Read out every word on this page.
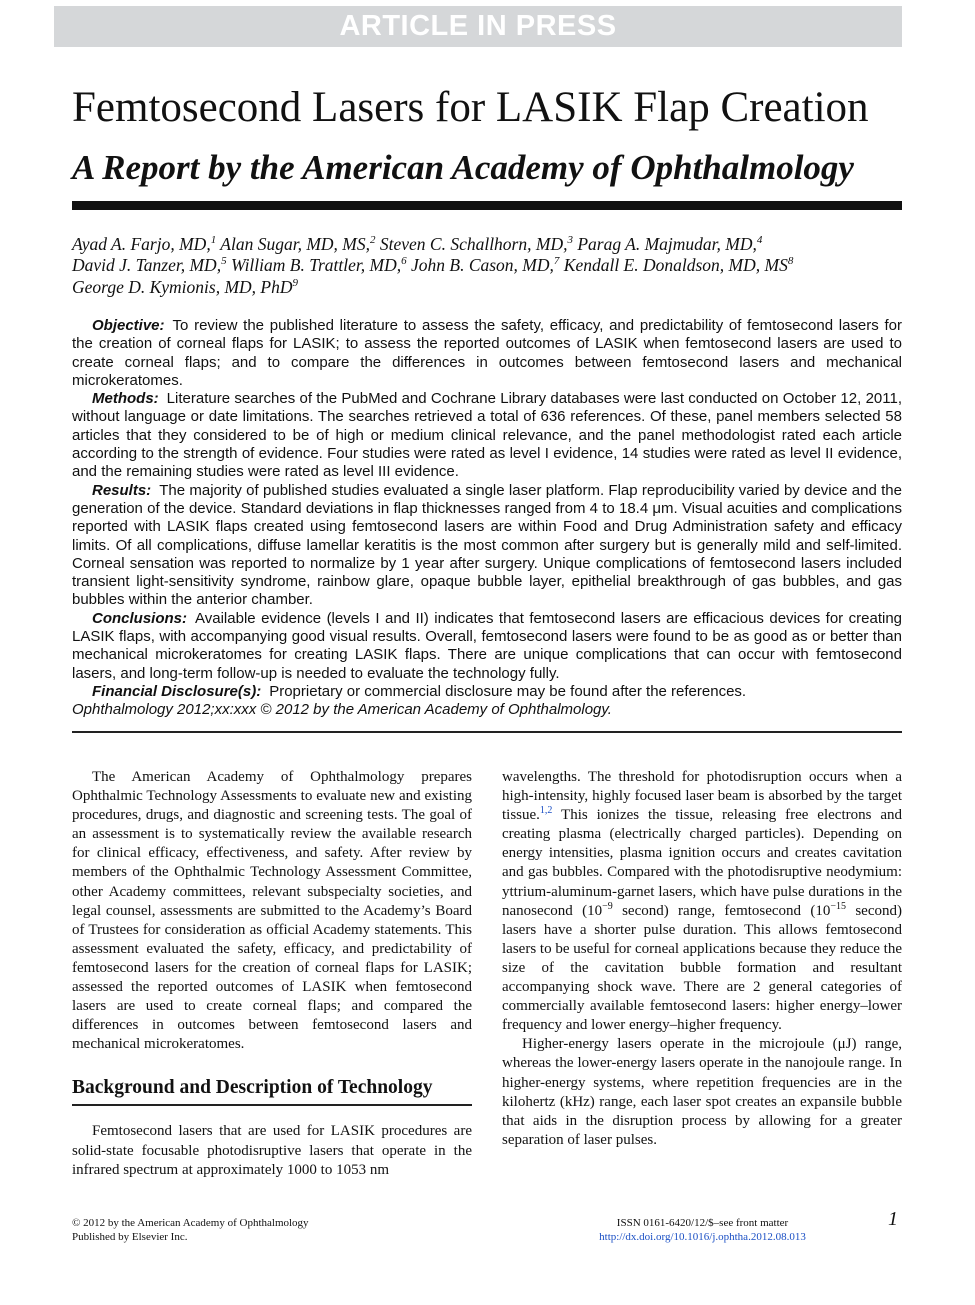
ARTICLE IN PRESS
Femtosecond Lasers for LASIK Flap Creation
A Report by the American Academy of Ophthalmology
Ayad A. Farjo, MD,$^1$ Alan Sugar, MD, MS,$^2$ Steven C. Schallhorn, MD,$^3$ Parag A. Majmudar, MD,$^4$
David J. Tanzer, MD,$^5$ William B. Trattler, MD,$^6$ John B. Cason, MD,$^7$ Kendall E. Donaldson, MD, $MS^8$
George D. Kymionis, MD, PhD$^9$

Objective: To review the published literature to assess the safety, efficacy, and predictability of femtosecond lasers for the creation of corneal flaps for LASIK; to assess the reported outcomes of LASIK when femtosecond lasers are used to create corneal flaps; and to compare the differences in outcomes between femtosecond lasers and mechanical microkeratomes.

Methods: Literature searches of the PubMed and Cochrane Library databases were last conducted on October 12, 2011, without language or date limitations. The searches retrieved a total of 636 references. Of these, panel members selected 58 articles that they considered to be of high or medium clinical relevance, and the panel methodologist rated each article according to the strength of evidence. Four studies were rated as level I evidence, 14 studies were rated as level II evidence, and the remaining studies were rated as level III evidence.

Results: The majority of published studies evaluated a single laser platform. Flap reproducibility varied by device and the generation of the device. Standard deviations in flap thicknesses ranged from 4 to 18.4 μm. Visual acuities and complications reported with LASIK flaps created using femtosecond lasers are within Food and Drug Administration safety and efficacy limits. Of all complications, diffuse lamellar keratitis is the most common after surgery but is generally mild and self-limited. Corneal sensation was reported to normalize by 1 year after surgery. Unique complications of femtosecond lasers included transient light-sensitivity syndrome, rainbow glare, opaque bubble layer, epithelial breakthrough of gas bubbles, and gas bubbles within the anterior chamber.

Conclusions: Available evidence (levels I and II) indicates that femtosecond lasers are efficacious devices for creating LASIK flaps, with accompanying good visual results. Overall, femtosecond lasers were found to be as good as or better than mechanical microkeratomes for creating LASIK flaps. There are unique complications that can occur with femtosecond lasers, and long-term follow-up is needed to evaluate the technology fully.

Financial Disclosure(s): Proprietary or commercial disclosure may be found after the references.
Ophthalmology 2012;xx:xxx © 2012 by the American Academy of Ophthalmology.

The American Academy of Ophthalmology prepares Ophthalmic Technology Assessments to evaluate new and existing procedures, drugs, and diagnostic and screening tests. The goal of an assessment is to systematically review the available research for clinical efficacy, effectiveness, and safety. After review by members of the Ophthalmic Technology Assessment Committee, other Academy committees, relevant subspecialty societies, and legal counsel, assessments are submitted to the Academy’s Board of Trustees for consideration as official Academy statements. This assessment evaluated the safety, efficacy, and predictability of femtosecond lasers for the creation of corneal flaps for LASIK; assessed the reported outcomes of LASIK when femtosecond lasers are used to create corneal flaps; and compared the differences in outcomes between femtosecond lasers and mechanical microkeratomes.

Background and Description of Technology

Femtosecond lasers that are used for LASIK procedures are solid-state focusable photodisruptive lasers that operate in the infrared spectrum at approximately 1000 to 1053 nm

wavelengths. The threshold for photodisruption occurs when a high-intensity, highly focused laser beam is absorbed by the target tissue.$^{1,2}$ This ionizes the tissue, releasing free electrons and creating plasma (electrically charged particles). Depending on energy intensities, plasma ignition occurs and creates cavitation and gas bubbles. Compared with the photodisruptive neodymium: yttrium-aluminum-garnet lasers, which have pulse durations in the nanosecond ($10^{-9}$ second) range, femtosecond ($10^{-15}$ second) lasers have a shorter pulse duration. This allows femtosecond lasers to be useful for corneal applications because they reduce the size of the cavitation bubble formation and resultant accompanying shock wave. There are 2 general categories of commercially available femtosecond lasers: higher energy–lower frequency and lower energy–higher frequency.

Higher-energy lasers operate in the microjoule (μJ) range, whereas the lower-energy lasers operate in the nanojoule range. In higher-energy systems, where repetition frequencies are in the kilohertz (kHz) range, each laser spot creates an expansile bubble that aids in the disruption process by allowing for a greater separation of laser pulses.

© 2012 by the American Academy of Ophthalmology
Published by Elsevier Inc.
ISSN 0161-6420/12/$–see front matter
http://dx.doi.org/10.1016/j.ophtha.2012.08.013
1
